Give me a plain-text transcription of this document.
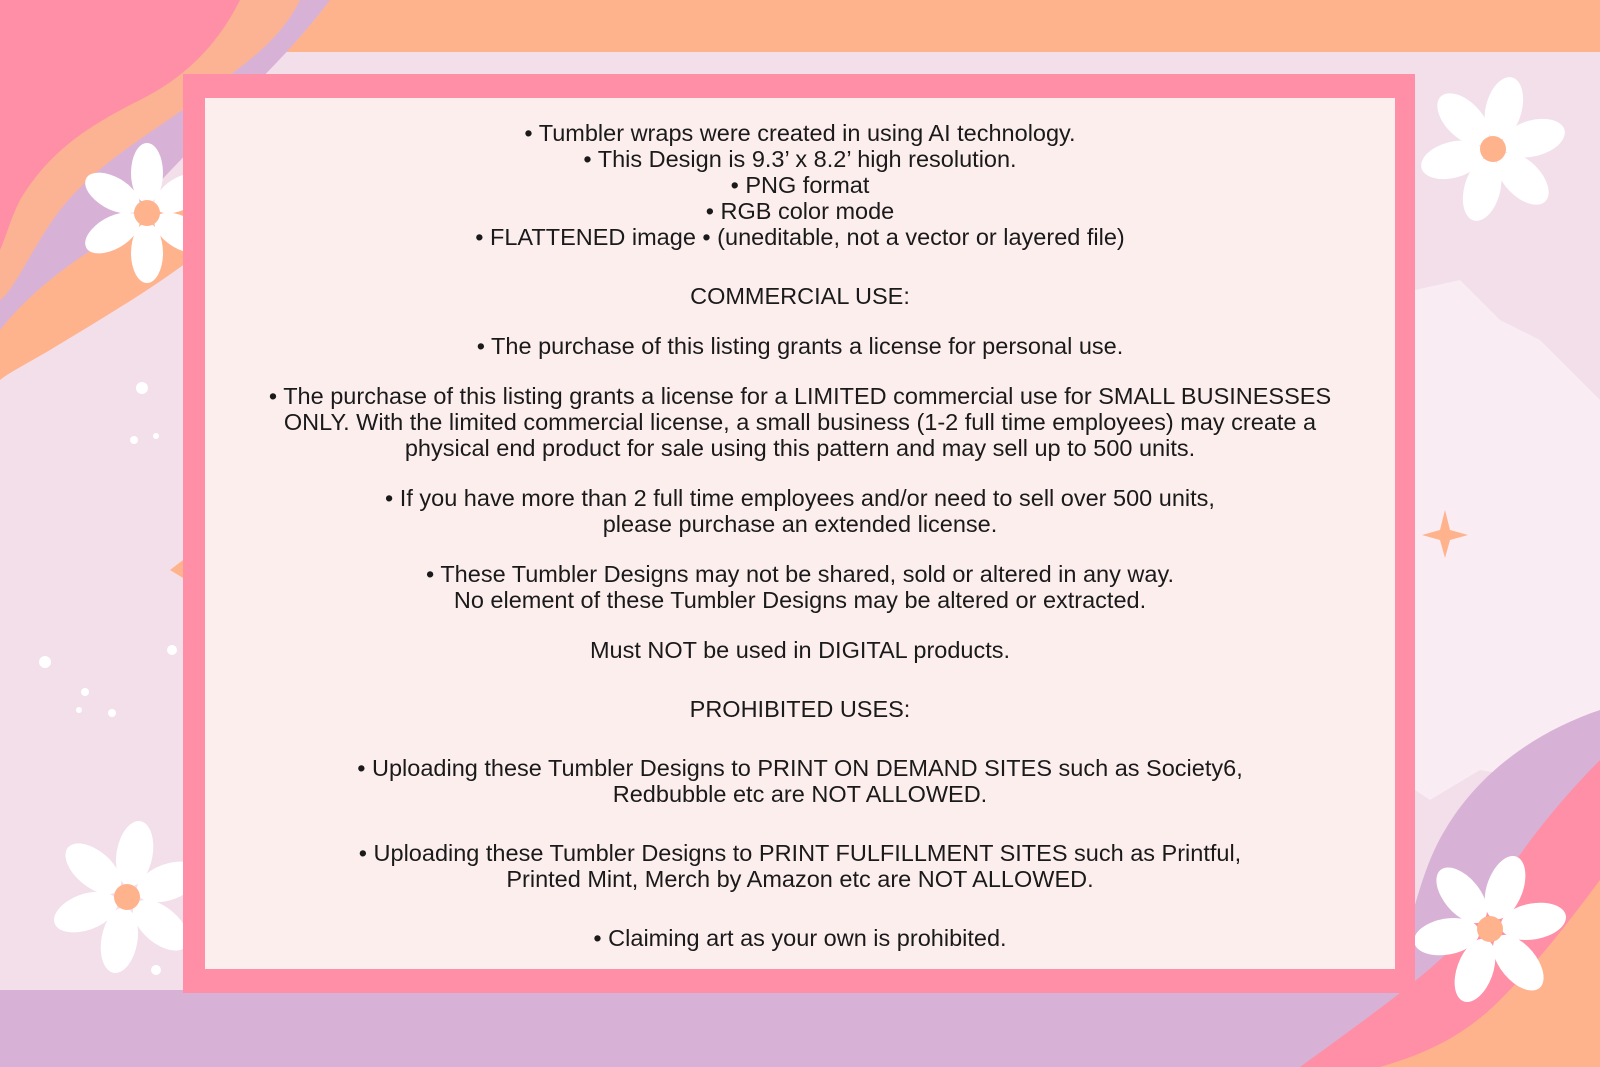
• Tumbler wraps were created in using AI technology.
• This Design is 9.3’ x 8.2’ high resolution.
• PNG format
• RGB color mode
• FLATTENED image • (uneditable, not a vector or layered file)

COMMERCIAL USE:

• The purchase of this listing grants a license for personal use.

• The purchase of this listing grants a license for a LIMITED commercial use for SMALL BUSINESSES
ONLY. With the limited commercial license, a small business (1-2 full time employees) may create a
physical end product for sale using this pattern and may sell up to 500 units.

• If you have more than 2 full time employees and/or need to sell over 500 units,
please purchase an extended license.

• These Tumbler Designs may not be shared, sold or altered in any way.
No element of these Tumbler Designs may be altered or extracted.

Must NOT be used in DIGITAL products.

PROHIBITED USES:

• Uploading these Tumbler Designs to PRINT ON DEMAND SITES such as Society6,
Redbubble etc are NOT ALLOWED.

• Uploading these Tumbler Designs to PRINT FULFILLMENT SITES such as Printful,
Printed Mint, Merch by Amazon etc are NOT ALLOWED.

• Claiming art as your own is prohibited.
